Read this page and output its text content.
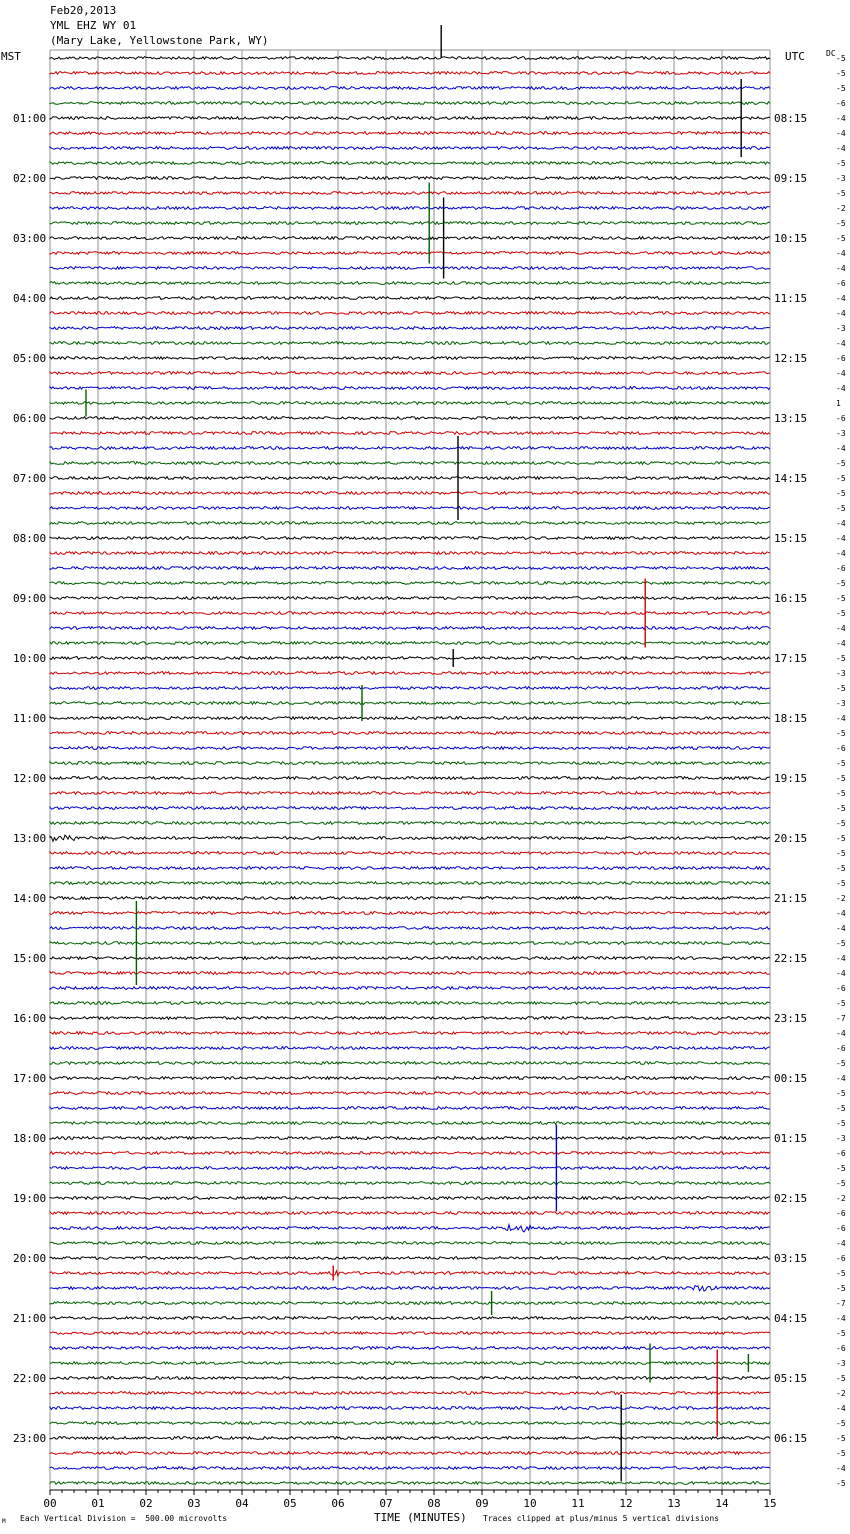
Feb20,2013
YML EHZ WY 01
(Mary Lake, Yellowstone Park, WY)
MST	UTC	DC
01:00
02:00
03:00
04:00
05:00
06:00
07:00
08:00
09:00
10:00
11:00
12:00
13:00
14:00
15:00
16:00
17:00
18:00
19:00
20:00
21:00
22:00
23:00
08:15
09:15
10:15
11:15
12:15
13:15
14:15
15:15
16:15
17:15
18:15
19:15
20:15
21:15
22:15
23:15
00:15
01:15
02:15
03:15
04:15
05:15
06:15
-5
-5
-5
-6
-4
-4
-4
-5
-3
-5
-2
-5
-5
-4
-4
-6
-4
-4
-3
-4
-6
-4
-4
1
-6
-3
-4
-5
-5
-5
-5
-4
-4
-4
-6
-5
-5
-5
-4
-4
-5
-3
-5
-3
-4
-5
-6
-5
-5
-5
-5
-5
-5
-5
-5
-5
-2
-4
-4
-5
-4
-4
-6
-5
-7
-4
-6
-5
-4
-5
-5
-5
-3
-6
-5
-5
-2
-6
-6
-4
-6
-5
-5
-7
-4
-5
-6
-3
-5
-2
-4
-5
-5
-5
-4
-5
00	01	02	03	04	05	06	07	08	09	10	11	12	13	14	15
M Each Vertical Division =  500.00 microvolts	TIME (MINUTES) Traces clipped at plus/minus 5 vertical divisions
